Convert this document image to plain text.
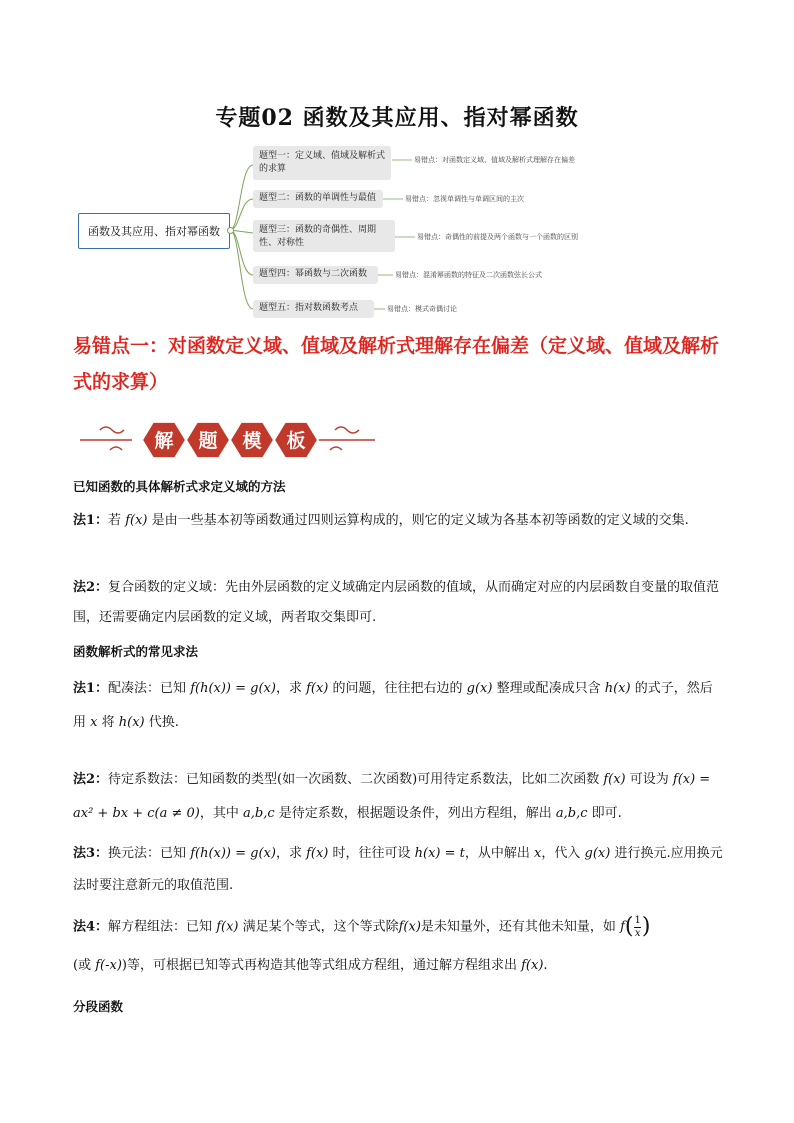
专题02 函数及其应用、指对幂函数
函数及其应用、指对幂函数
题型一：定义域、值域及解析式的求算
易错点：对函数定义域、值域及解析式理解存在偏差
题型二：函数的单调性与最值	易错点：忽视单调性与单调区间的主次
题型三：函数的奇偶性、周期性、对称性
易错点：奇偶性的前提及两个函数与一个函数的区别
题型四：幂函数与二次函数	易错点：混淆幂函数的特征及二次函数弦长公式
题型五：指对数函数考点	易错点：模式奇偶讨论
易错点一：对函数定义域、值域及解析式理解存在偏差（定义域、值域及解析式的求算）
解 题 模 板
已知函数的具体解析式求定义域的方法
法1：若 f(x) 是由一些基本初等函数通过四则运算构成的，则它的定义域为各基本初等函数的定义域的交集.
法2：复合函数的定义域：先由外层函数的定义域确定内层函数的值域，从而确定对应的内层函数自变量的取值范围，还需要确定内层函数的定义域，两者取交集即可.
函数解析式的常见求法
法1：配凑法：已知 f(h(x)) = g(x)，求 f(x) 的问题，往往把右边的 g(x) 整理或配凑成只含 h(x) 的式子，然后用 x 将 h(x) 代换.
法2：待定系数法：已知函数的类型(如一次函数、二次函数)可用待定系数法，比如二次函数 f(x) 可设为 f(x) = ax² + bx + c(a ≠ 0)，其中 a,b,c 是待定系数，根据题设条件，列出方程组，解出 a,b,c 即可.
法3：换元法：已知 f(h(x)) = g(x)，求 f(x) 时，往往可设 h(x) = t，从中解出 x，代入 g(x) 进行换元.应用换元法时要注意新元的取值范围.
法4：解方程组法：已知 f(x) 满足某个等式，这个等式除f(x)是未知量外，还有其他未知量，如 $f( \frac{1}{x}$ )
(或 f(-x))等，可根据已知等式再构造其他等式组成方程组，通过解方程组求出 f(x).
分段函数
